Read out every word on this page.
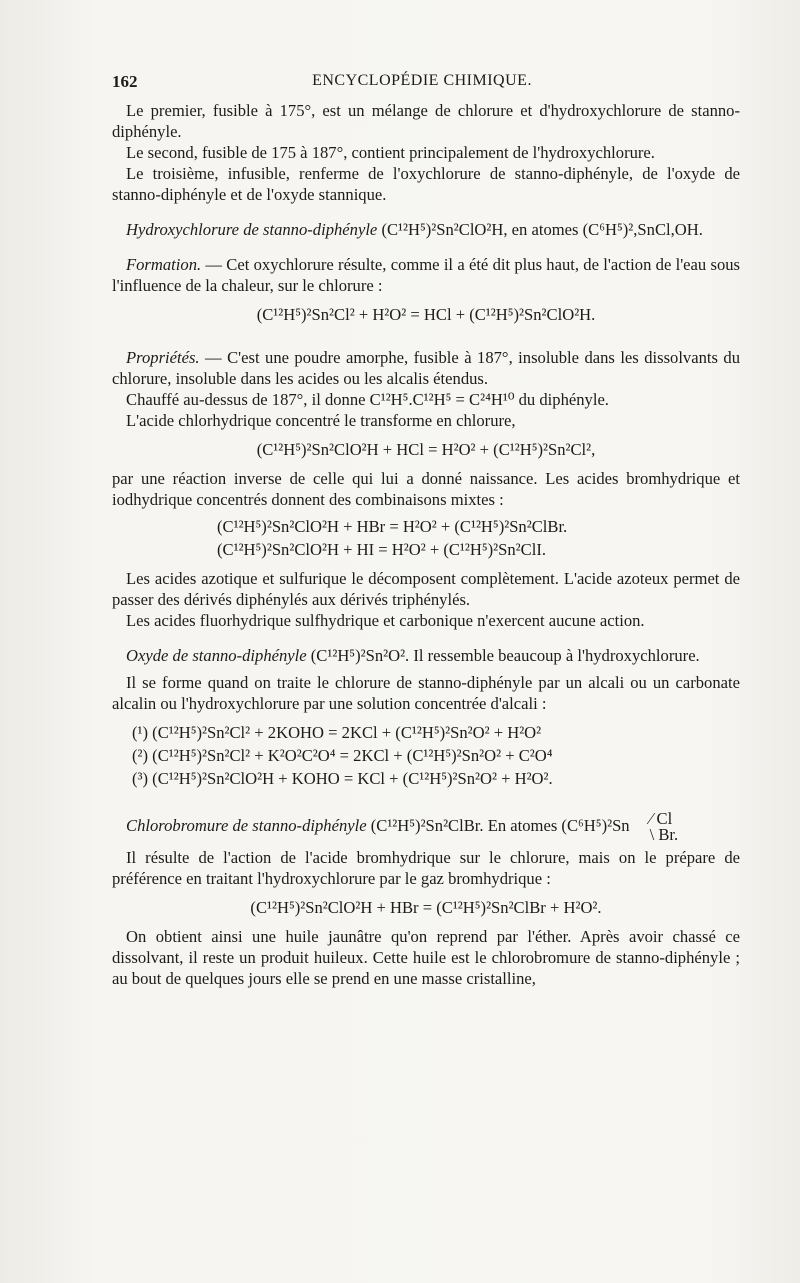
162	ENCYCLOPÉDIE CHIMIQUE.

Le premier, fusible à 175°, est un mélange de chlorure et d'hydroxychlorure de stanno-diphényle.

Le second, fusible de 175 à 187°, contient principalement de l'hydroxychlorure.

Le troisième, infusible, renferme de l'oxychlorure de stanno-diphényle, de l'oxyde de stanno-diphényle et de l'oxyde stannique.

Hydroxychlorure de stanno-diphényle (C¹²H⁵)²Sn²ClO²H, en atomes (C⁶H⁵)²,SnCl,OH.

Formation. — Cet oxychlorure résulte, comme il a été dit plus haut, de l'action de l'eau sous l'influence de la chaleur, sur le chlorure :

(C¹²H⁵)²Sn²Cl² + H²O² = HCl + (C¹²H⁵)²Sn²ClO²H.

Propriétés. — C'est une poudre amorphe, fusible à 187°, insoluble dans les dissolvants du chlorure, insoluble dans les acides ou les alcalis étendus.

Chauffé au-dessus de 187°, il donne C¹²H⁵.C¹²H⁵ = C²⁴H¹⁰ du diphényle.

L'acide chlorhydrique concentré le transforme en chlorure,

(C¹²H⁵)²Sn²ClO²H + HCl = H²O² + (C¹²H⁵)²Sn²Cl²,

par une réaction inverse de celle qui lui a donné naissance. Les acides bromhydrique et iodhydrique concentrés donnent des combinaisons mixtes :

(C¹²H⁵)²Sn²ClO²H + HBr = H²O² + (C¹²H⁵)²Sn²ClBr.

(C¹²H⁵)²Sn²ClO²H + HI = H²O² + (C¹²H⁵)²Sn²ClI.

Les acides azotique et sulfurique le décomposent complètement. L'acide azoteux permet de passer des dérivés diphénylés aux dérivés triphénylés.

Les acides fluorhydrique sulfhydrique et carbonique n'exercent aucune action.

Oxyde de stanno-diphényle (C¹²H⁵)²Sn²O². Il ressemble beaucoup à l'hydroxychlorure.

Il se forme quand on traite le chlorure de stanno-diphényle par un alcali ou un carbonate alcalin ou l'hydroxychlorure par une solution concentrée d'alcali :

(¹) (C¹²H⁵)²Sn²Cl² + 2KOHO = 2KCl + (C¹²H⁵)²Sn²O² + H²O²

(²) (C¹²H⁵)²Sn²Cl² + K²O²C²O⁴ = 2KCl + (C¹²H⁵)²Sn²O² + C²O⁴

(³) (C¹²H⁵)²Sn²ClO²H + KOHO = KCl + (C¹²H⁵)²Sn²O² + H²O².

Chlorobromure de stanno-diphényle (C¹²H⁵)²Sn²ClBr. En atomes (C⁶H⁵)²Sn	⁄ Cl
\ Br.

Il résulte de l'action de l'acide bromhydrique sur le chlorure, mais on le prépare de préférence en traitant l'hydroxychlorure par le gaz bromhydrique :

(C¹²H⁵)²Sn²ClO²H + HBr = (C¹²H⁵)²Sn²ClBr + H²O².

On obtient ainsi une huile jaunâtre qu'on reprend par l'éther. Après avoir chassé ce dissolvant, il reste un produit huileux. Cette huile est le chlorobromure de stanno-diphényle ; au bout de quelques jours elle se prend en une masse cristalline,
